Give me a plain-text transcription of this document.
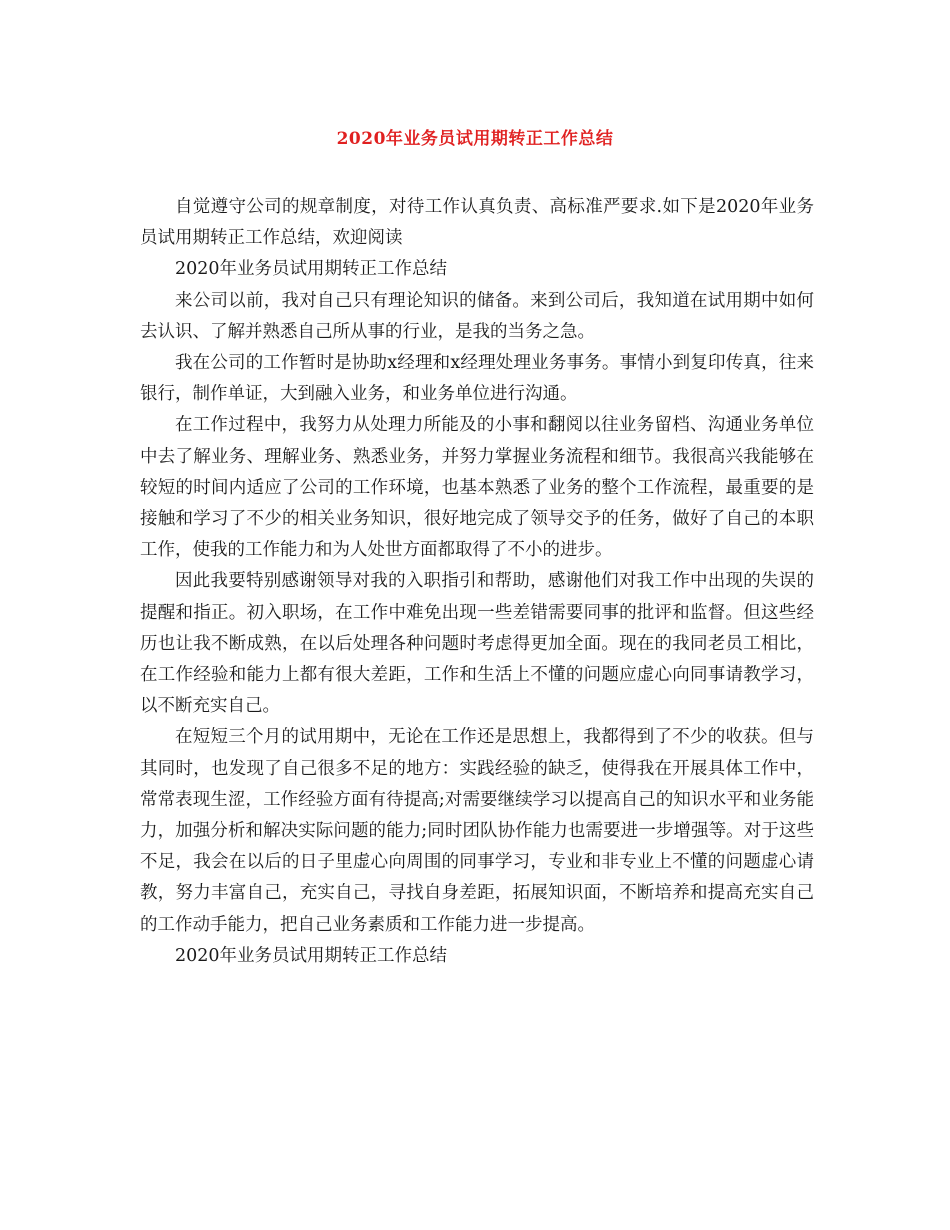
2020年业务员试用期转正工作总结

自觉遵守公司的规章制度，对待工作认真负责、高标准严要求.如下是2020年业务员试用期转正工作总结，欢迎阅读

2020年业务员试用期转正工作总结

来公司以前，我对自己只有理论知识的储备。来到公司后，我知道在试用期中如何去认识、了解并熟悉自己所从事的行业，是我的当务之急。

我在公司的工作暂时是协助x经理和x经理处理业务事务。事情小到复印传真，往来银行，制作单证，大到融入业务，和业务单位进行沟通。

在工作过程中，我努力从处理力所能及的小事和翻阅以往业务留档、沟通业务单位中去了解业务、理解业务、熟悉业务，并努力掌握业务流程和细节。我很高兴我能够在较短的时间内适应了公司的工作环境，也基本熟悉了业务的整个工作流程，最重要的是接触和学习了不少的相关业务知识，很好地完成了领导交予的任务，做好了自己的本职工作，使我的工作能力和为人处世方面都取得了不小的进步。

因此我要特别感谢领导对我的入职指引和帮助，感谢他们对我工作中出现的失误的提醒和指正。初入职场，在工作中难免出现一些差错需要同事的批评和监督。但这些经历也让我不断成熟，在以后处理各种问题时考虑得更加全面。现在的我同老员工相比，在工作经验和能力上都有很大差距，工作和生活上不懂的问题应虚心向同事请教学习，以不断充实自己。

在短短三个月的试用期中，无论在工作还是思想上，我都得到了不少的收获。但与其同时，也发现了自己很多不足的地方：实践经验的缺乏，使得我在开展具体工作中，常常表现生涩，工作经验方面有待提高;对需要继续学习以提高自己的知识水平和业务能力，加强分析和解决实际问题的能力;同时团队协作能力也需要进一步增强等。对于这些不足，我会在以后的日子里虚心向周围的同事学习，专业和非专业上不懂的问题虚心请教，努力丰富自己，充实自己，寻找自身差距，拓展知识面，不断培养和提高充实自己的工作动手能力，把自己业务素质和工作能力进一步提高。

2020年业务员试用期转正工作总结
